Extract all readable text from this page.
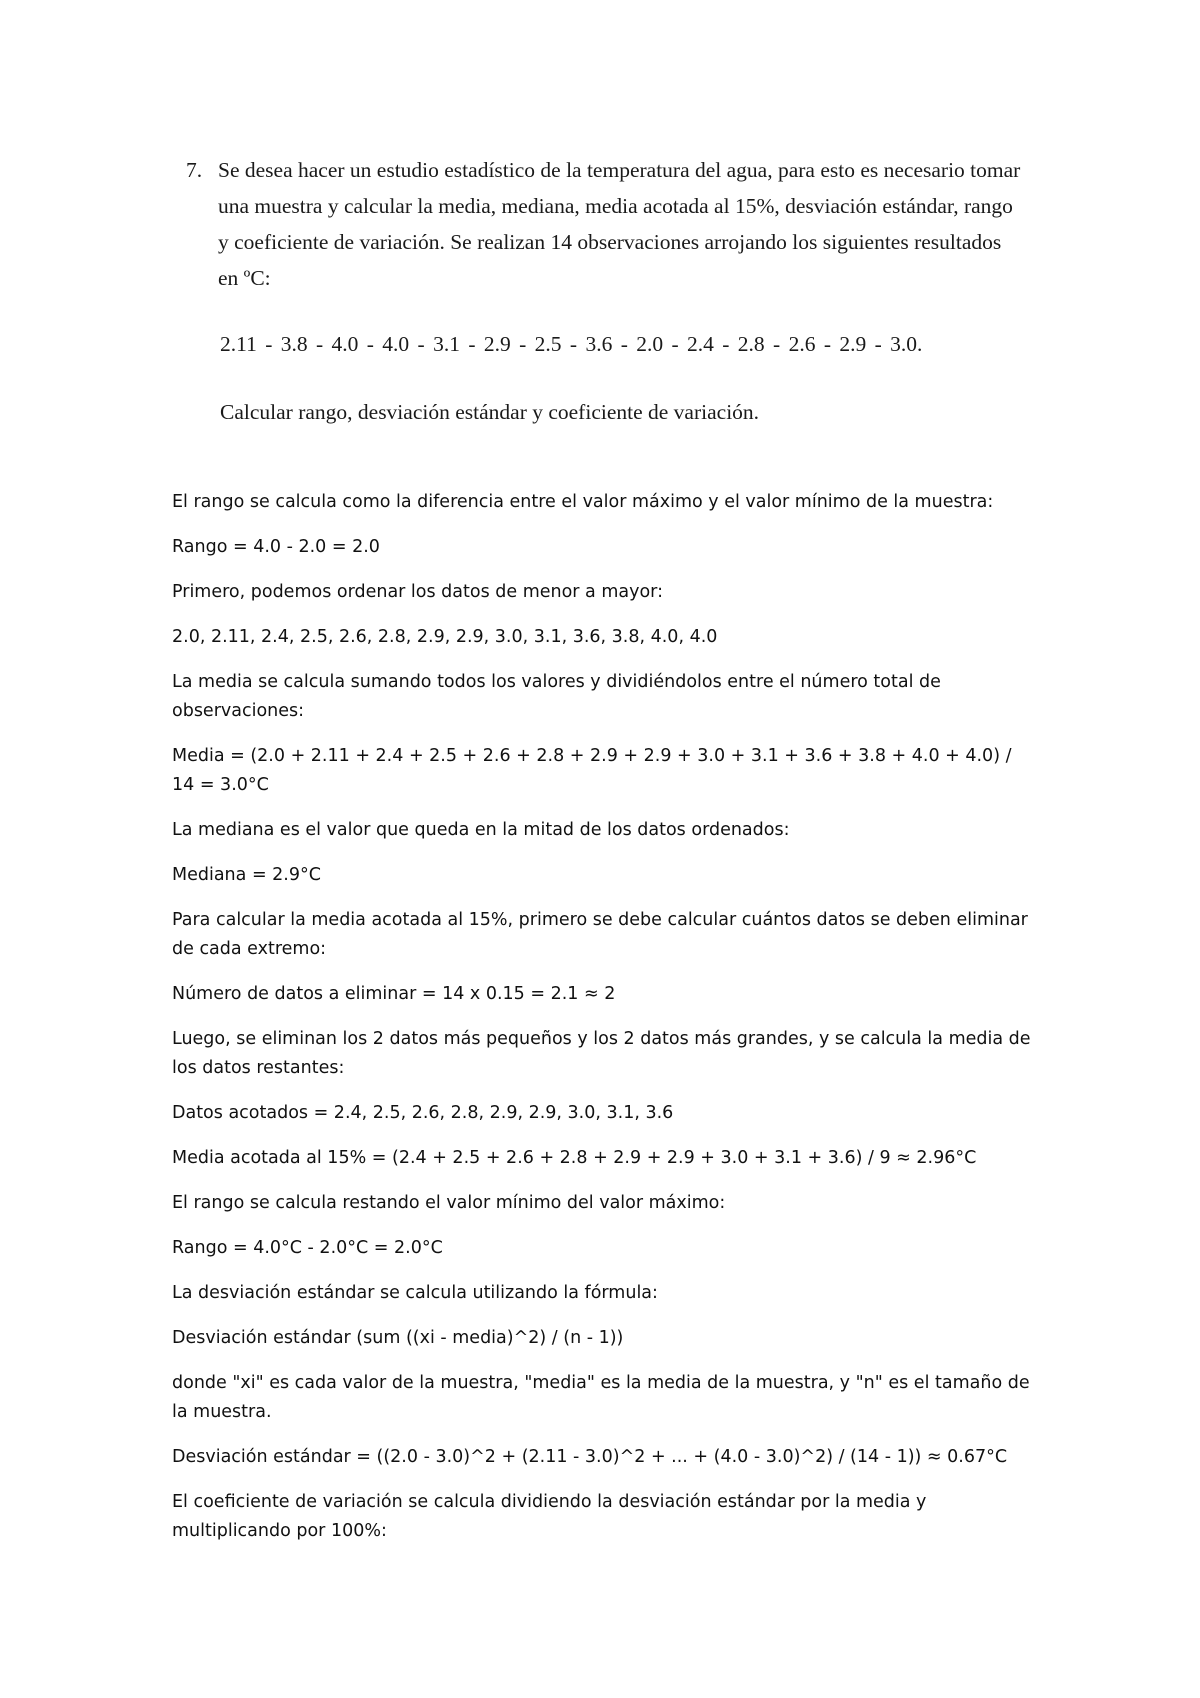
7. Se desea hacer un estudio estadístico de la temperatura del agua, para esto es necesario tomar una muestra y calcular la media, mediana, media acotada al 15%, desviación estándar, rango y coeficiente de variación. Se realizan 14 observaciones arrojando los siguientes resultados en ºC:
2.11 - 3.8 - 4.0 - 4.0 - 3.1 - 2.9 - 2.5 - 3.6 - 2.0 - 2.4 - 2.8 - 2.6 - 2.9 - 3.0.
Calcular rango, desviación estándar y coeficiente de variación.

El rango se calcula como la diferencia entre el valor máximo y el valor mínimo de la muestra:

Rango = 4.0 - 2.0 = 2.0

Primero, podemos ordenar los datos de menor a mayor:

2.0, 2.11, 2.4, 2.5, 2.6, 2.8, 2.9, 2.9, 3.0, 3.1, 3.6, 3.8, 4.0, 4.0

La media se calcula sumando todos los valores y dividiéndolos entre el número total de observaciones:

Media = (2.0 + 2.11 + 2.4 + 2.5 + 2.6 + 2.8 + 2.9 + 2.9 + 3.0 + 3.1 + 3.6 + 3.8 + 4.0 + 4.0) / 14 = 3.0°C

La mediana es el valor que queda en la mitad de los datos ordenados:

Mediana = 2.9°C

Para calcular la media acotada al 15%, primero se debe calcular cuántos datos se deben eliminar de cada extremo:

Número de datos a eliminar = 14 x 0.15 = 2.1 ≈ 2

Luego, se eliminan los 2 datos más pequeños y los 2 datos más grandes, y se calcula la media de los datos restantes:

Datos acotados = 2.4, 2.5, 2.6, 2.8, 2.9, 2.9, 3.0, 3.1, 3.6

Media acotada al 15% = (2.4 + 2.5 + 2.6 + 2.8 + 2.9 + 2.9 + 3.0 + 3.1 + 3.6) / 9 ≈ 2.96°C

El rango se calcula restando el valor mínimo del valor máximo:

Rango = 4.0°C - 2.0°C = 2.0°C

La desviación estándar se calcula utilizando la fórmula:

Desviación estándar (sum ((xi - media)^2) / (n - 1))

donde "xi" es cada valor de la muestra, "media" es la media de la muestra, y "n" es el tamaño de la muestra.

Desviación estándar = ((2.0 - 3.0)^2 + (2.11 - 3.0)^2 + ... + (4.0 - 3.0)^2) / (14 - 1)) ≈ 0.67°C

El coeficiente de variación se calcula dividiendo la desviación estándar por la media y multiplicando por 100%:
